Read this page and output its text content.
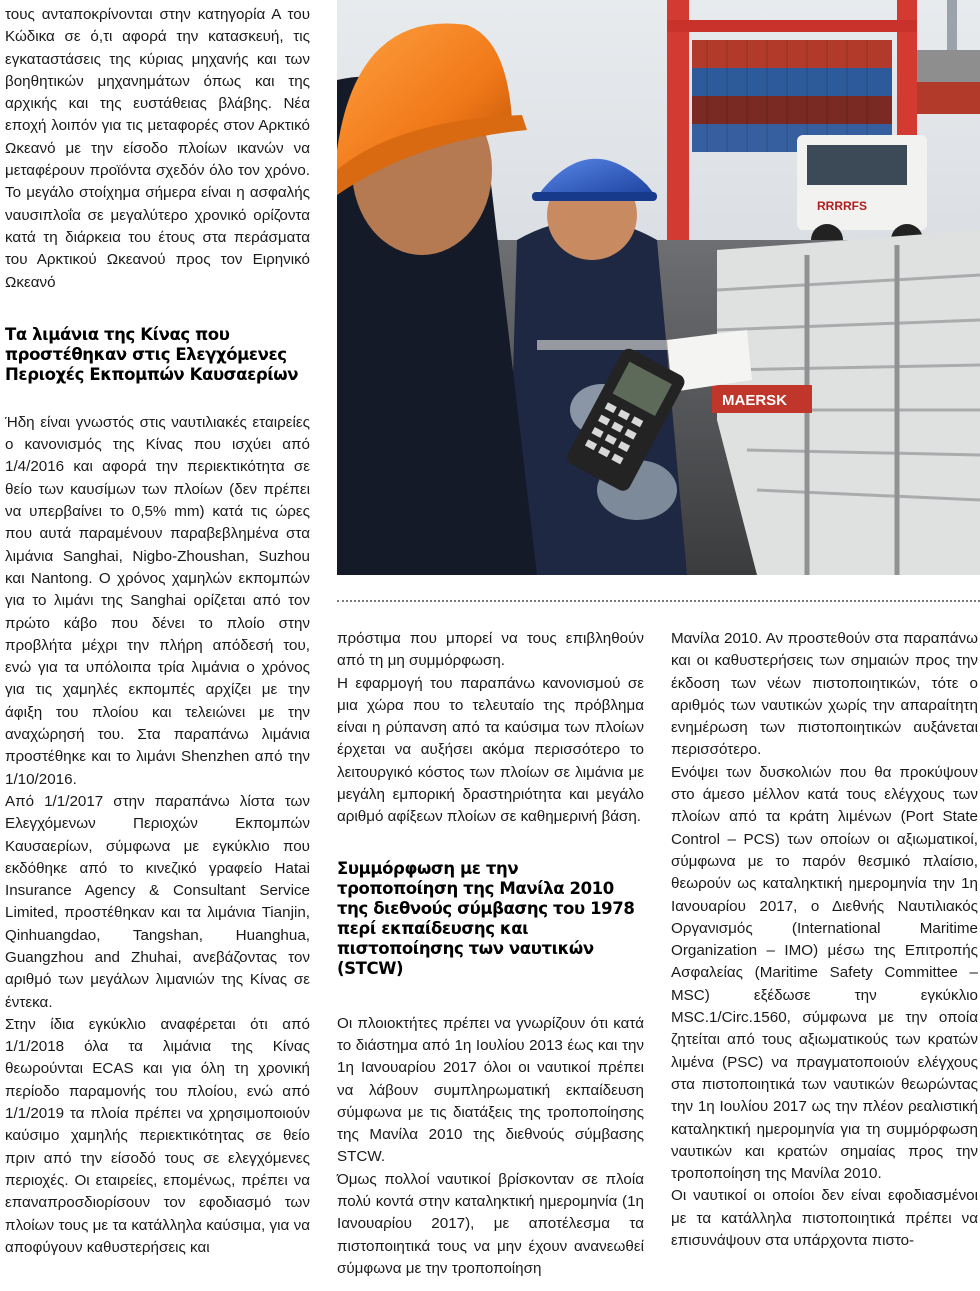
τους ανταποκρίνονται στην κατηγορία Α του Κώδικα σε ό,τι αφορά την κατασκευή, τις εγκαταστάσεις της κύριας μηχανής και των βοηθητικών μηχανημάτων όπως και της αρχικής και της ευστάθειας βλάβης. Νέα εποχή λοιπόν για τις μεταφορές στον Αρκτικό Ωκεανό με την είσοδο πλοίων ικανών να μεταφέρουν προϊόντα σχεδόν όλο τον χρόνο. Το μεγάλο στοίχημα σήμερα είναι η ασφαλής ναυσιπλοΐα σε μεγαλύτερο χρονικό ορίζοντα κατά τη διάρκεια του έτους στα περάσματα του Αρκτικού Ωκεανού προς τον Ειρηνικό Ωκεανό

Τα λιμάνια της Κίνας που προστέθηκαν στις Ελεγχόμενες Περιοχές Εκπομπών Καυσαερίων

Ήδη είναι γνωστός στις ναυτιλιακές εταιρείες ο κανονισμός της Κίνας που ισχύει από 1/4/2016 και αφορά την περιεκτικότητα σε θείο των καυσίμων των πλοίων (δεν πρέπει να υπερβαίνει το 0,5% mm) κατά τις ώρες που αυτά παραμένουν παραβεβλημένα στα λιμάνια Sanghai, Nigbo-Zhoushan, Suzhou και Nantong. Ο χρόνος χαμηλών εκπομπών για το λιμάνι της Sanghai ορίζεται από τον πρώτο κάβο που δένει το πλοίο στην προβλήτα μέχρι την πλήρη απόδεσή του, ενώ για τα υπόλοιπα τρία λιμάνια ο χρόνος για τις χαμηλές εκπομπές αρχίζει με την άφιξη του πλοίου και τελειώνει με την αναχώρησή του. Στα παραπάνω λιμάνια προστέθηκε και το λιμάνι Shenzhen από την 1/10/2016.

Από 1/1/2017 στην παραπάνω λίστα των Ελεγχόμενων Περιοχών Εκπομπών Καυσαερίων, σύμφωνα με εγκύκλιο που εκδόθηκε από το κινεζικό γραφείο Hatai Insurance Agency & Consultant Service Limited, προστέθηκαν και τα λιμάνια Tianjin, Qinhuangdao, Tangshan, Huanghua, Guangzhou and Zhuhai, ανεβάζοντας τον αριθμό των μεγάλων λιμανιών της Κίνας σε έντεκα.

Στην ίδια εγκύκλιο αναφέρεται ότι από 1/1/2018 όλα τα λιμάνια της Κίνας θεωρούνται ECAS και για όλη τη χρονική περίοδο παραμονής του πλοίου, ενώ από 1/1/2019 τα πλοία πρέπει να χρησιμοποιούν καύσιμο χαμηλής περιεκτικότητας σε θείο πριν από την είσοδό τους σε ελεγχόμενες περιοχές. Οι εταιρείες, επομένως, πρέπει να επαναπροσδιορίσουν τον εφοδιασμό των πλοίων τους με τα κατάλληλα καύσιμα, για να αποφύγουν καθυστερήσεις και

RRRRFS
MAERSK

πρόστιμα που μπορεί να τους επιβληθούν από τη μη συμμόρφωση.

Η εφαρμογή του παραπάνω κανονισμού σε μια χώρα που το τελευταίο της πρόβλημα είναι η ρύπανση από τα καύσιμα των πλοίων έρχεται να αυξήσει ακόμα περισσότερο το λειτουργικό κόστος των πλοίων σε λιμάνια με μεγάλη εμπορική δραστηριότητα και μεγάλο αριθμό αφίξεων πλοίων σε καθημερινή βάση.

Συμμόρφωση με την τροποποίηση της Μανίλα 2010 της διεθνούς σύμβασης του 1978 περί εκπαίδευσης και πιστοποίησης των ναυτικών (STCW)

Οι πλοιοκτήτες πρέπει να γνωρίζουν ότι κατά το διάστημα από 1η Ιουλίου 2013 έως και την 1η Ιανουαρίου 2017 όλοι οι ναυτικοί πρέπει να λάβουν συμπληρωματική εκπαίδευση σύμφωνα με τις διατάξεις της τροποποίησης της Μανίλα 2010 της διεθνούς σύμβασης STCW.

Όμως πολλοί ναυτικοί βρίσκονταν σε πλοία πολύ κοντά στην καταληκτική ημερομηνία (1η Ιανουαρίου 2017), με αποτέλεσμα τα πιστοποιητικά τους να μην έχουν ανανεωθεί σύμφωνα με την τροποποίηση

Μανίλα 2010. Αν προστεθούν στα παραπάνω και οι καθυστερήσεις των σημαιών προς την έκδοση των νέων πιστοποιητικών, τότε ο αριθμός των ναυτικών χωρίς την απαραίτητη ενημέρωση των πιστοποιητικών αυξάνεται περισσότερο.

Ενόψει των δυσκολιών που θα προκύψουν στο άμεσο μέλλον κατά τους ελέγχους των πλοίων από τα κράτη λιμένων (Port State Control – PCS) των οποίων οι αξιωματικοί, σύμφωνα με το παρόν θεσμικό πλαίσιο, θεωρούν ως καταληκτική ημερομηνία την 1η Ιανουαρίου 2017, ο Διεθνής Ναυτιλιακός Οργανισμός (International Maritime Organization – IMO) μέσω της Επιτροπής Ασφαλείας (Maritime Safety Committee – MSC) εξέδωσε την εγκύκλιο MSC.1/Circ.1560, σύμφωνα με την οποία ζητείται από τους αξιωματικούς των κρατών λιμένα (PSC) να πραγματοποιούν ελέγχους στα πιστοποιητικά των ναυτικών θεωρώντας την 1η Ιουλίου 2017 ως την πλέον ρεαλιστική καταληκτική ημερομηνία για τη συμμόρφωση ναυτικών και κρατών σημαίας προς την τροποποίηση της Μανίλα 2010.

Οι ναυτικοί οι οποίοι δεν είναι εφοδιασμένοι με τα κατάλληλα πιστοποιητικά πρέπει να επισυνάψουν στα υπάρχοντα πιστο-
